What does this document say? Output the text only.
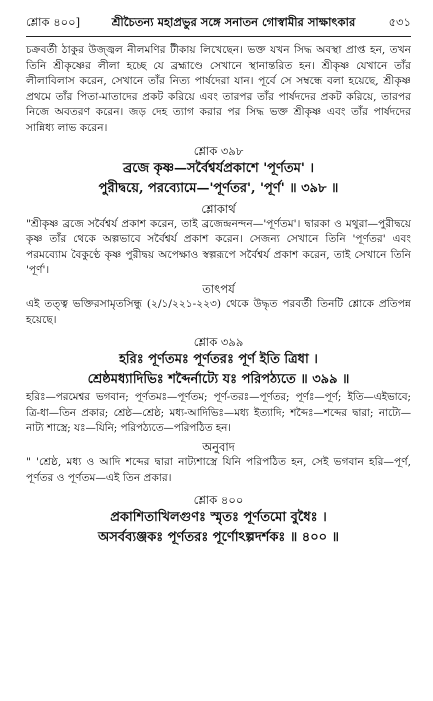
শ্লোক ৪০০]	শ্রীচৈতন্য মহাপ্রভুর সঙ্গে সনাতন গোস্বামীর সাক্ষাৎকার	৫৩১

চক্রবর্তী ঠাকুর উজ্জ্বল নীলমণির টীকায় লিখেছেন। ভক্ত যখন সিদ্ধ অবস্থা প্রাপ্ত হন, তখন তিনি শ্রীকৃষ্ণের লীলা হচ্ছে যে ব্রহ্মাণ্ডে সেখানে স্থানান্তরিত হন। শ্রীকৃষ্ণ যেখানে তাঁর লীলাবিলাস করেন, সেখানে তাঁর নিত্য পার্ষদেরা যান। পূর্বে সে সম্বন্ধে বলা হয়েছে, শ্রীকৃষ্ণ প্রথমে তাঁর পিতা-মাতাদের প্রকট করিয়ে এবং তারপর তাঁর পার্ষদদের প্রকট করিয়ে, তারপর নিজে অবতরণ করেন। জড় দেহ ত্যাগ করার পর সিদ্ধ ভক্ত শ্রীকৃষ্ণ এবং তাঁর পার্ষদদের সান্নিধ্য লাভ করেন।

শ্লোক ৩৯৮
ব্রজে কৃষ্ণ—সর্বৈশ্বর্যপ্রকাশে 'পূর্ণতম' ।
পুরীদ্বয়ে, পরব্যোমে—'পূর্ণতর', 'পূর্ণ' ॥ ৩৯৮ ॥
শ্লোকার্থ

"শ্রীকৃষ্ণ ব্রজে সর্বৈশ্বর্য প্রকাশ করেন, তাই ব্রজেন্দ্রনন্দন—'পূর্ণতম'। দ্বারকা ও মথুরা—পুরীদ্বয়ে কৃষ্ণ তাঁর থেকে অল্পভাবে সর্বৈশ্বর্য প্রকাশ করেন। সেজন্য সেখানে তিনি 'পূর্ণতর' এবং পরমব্যোম বৈকুণ্ঠে কৃষ্ণ পুরীদ্বয় অপেক্ষাও স্বল্পরূপে সর্বৈশ্বর্য প্রকাশ করেন, তাই সেখানে তিনি 'পূর্ণ'।

তাৎপর্য

এই তত্ত্ব ভক্তিরসামৃতসিন্ধু (২/১/২২১-২২৩) থেকে উদ্ধৃত পরবর্তী তিনটি শ্লোকে প্রতিপন্ন হয়েছে।

শ্লোক ৩৯৯
হরিঃ পূর্ণতমঃ পূর্ণতরঃ পূর্ণ ইতি ত্রিধা ।
শ্রেষ্ঠমধ্যাদিভিঃ শব্দৈর্নাট্যে যঃ পরিপঠ্যতে ॥ ৩৯৯ ॥

হরিঃ—পরমেশ্বর ভগবান; পূর্ণতমঃ—পূর্ণতম; পূর্ণ-তরঃ—পূর্ণতর; পূর্ণঃ—পূর্ণ; ইতি—এইভাবে; ত্রি-ধা—তিন প্রকার; শ্রেষ্ঠ—শ্রেষ্ঠ; মধ্য-আদিভিঃ—মধ্য ইত্যাদি; শব্দৈঃ—শব্দের দ্বারা; নাট্যে—নাট্য শাস্ত্রে; যঃ—যিনি; পরিপঠ্যতে—পরিপঠিত হন।

অনুবাদ

" 'শ্রেষ্ঠ, মধ্য ও আদি শব্দের দ্বারা নাট্যশাস্ত্রে যিনি পরিপঠিত হন, সেই ভগবান হরি—পূর্ণ, পূর্ণতর ও পূর্ণতম—এই তিন প্রকার।

শ্লোক ৪০০
প্রকাশিতাখিলগুণঃ স্মৃতঃ পূর্ণতমো বুধৈঃ ।
অসর্বব্যঞ্জকঃ পূর্ণতরঃ পূর্ণোঽল্পদর্শকঃ ॥ ৪০০ ॥
